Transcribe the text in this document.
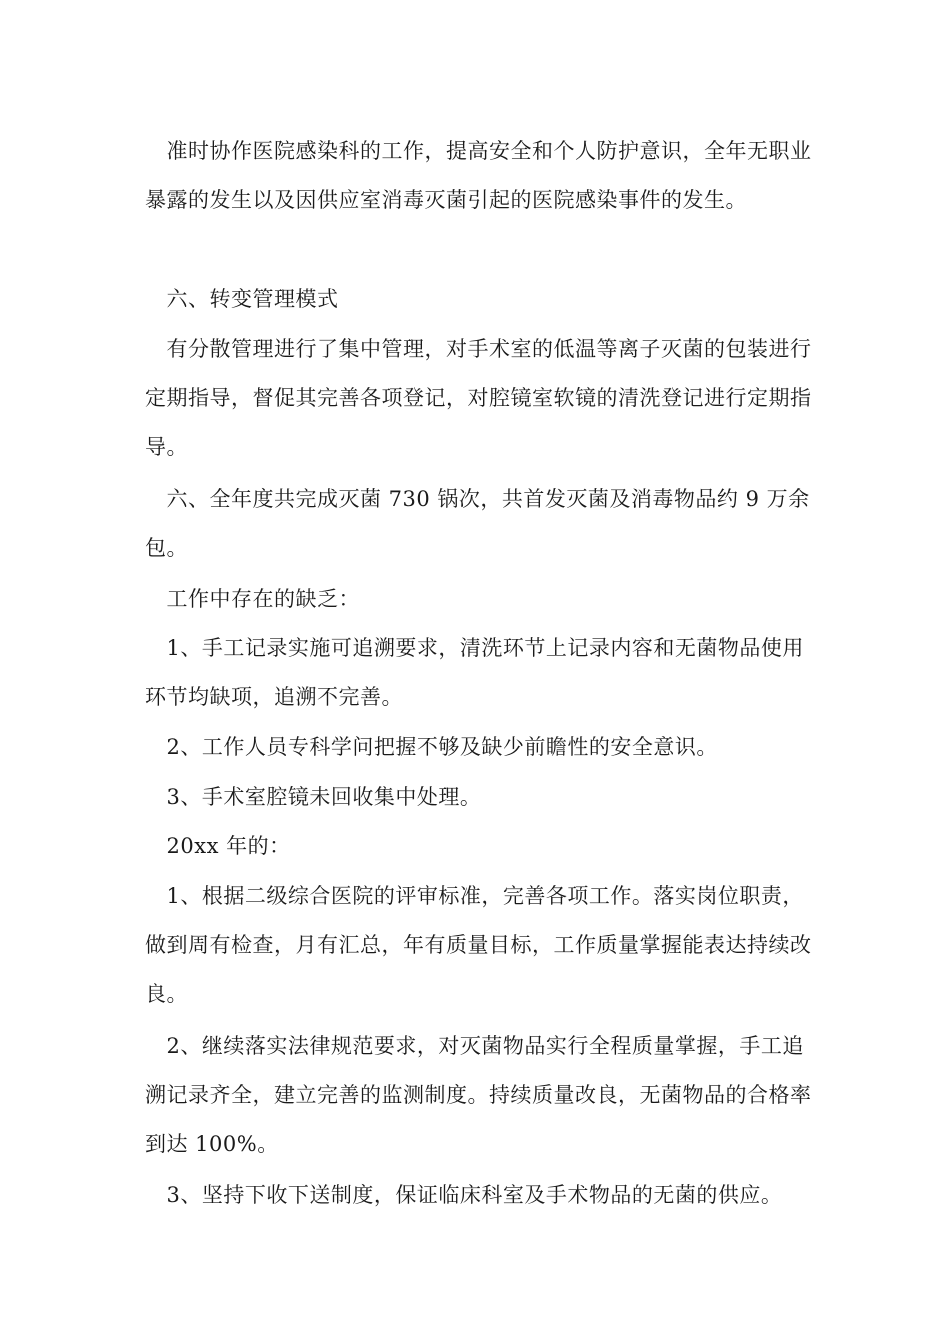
　准时协作医院感染科的工作，提高安全和个人防护意识，全年无职业暴露的发生以及因供应室消毒灭菌引起的医院感染事件的发生。

　六、转变管理模式

　有分散管理进行了集中管理，对手术室的低温等离子灭菌的包装进行定期指导，督促其完善各项登记，对腔镜室软镜的清洗登记进行定期指导。

　六、全年度共完成灭菌 730 锅次，共首发灭菌及消毒物品约 9 万余包。

　工作中存在的缺乏：

　1、手工记录实施可追溯要求，清洗环节上记录内容和无菌物品使用环节均缺项，追溯不完善。

　2、工作人员专科学问把握不够及缺少前瞻性的安全意识。

　3、手术室腔镜未回收集中处理。

　20xx 年的：

　1、根据二级综合医院的评审标准，完善各项工作。落实岗位职责，做到周有检查，月有汇总，年有质量目标，工作质量掌握能表达持续改良。

　2、继续落实法律规范要求，对灭菌物品实行全程质量掌握，手工追溯记录齐全，建立完善的监测制度。持续质量改良，无菌物品的合格率到达 100%。

　3、坚持下收下送制度，保证临床科室及手术物品的无菌的供应。
